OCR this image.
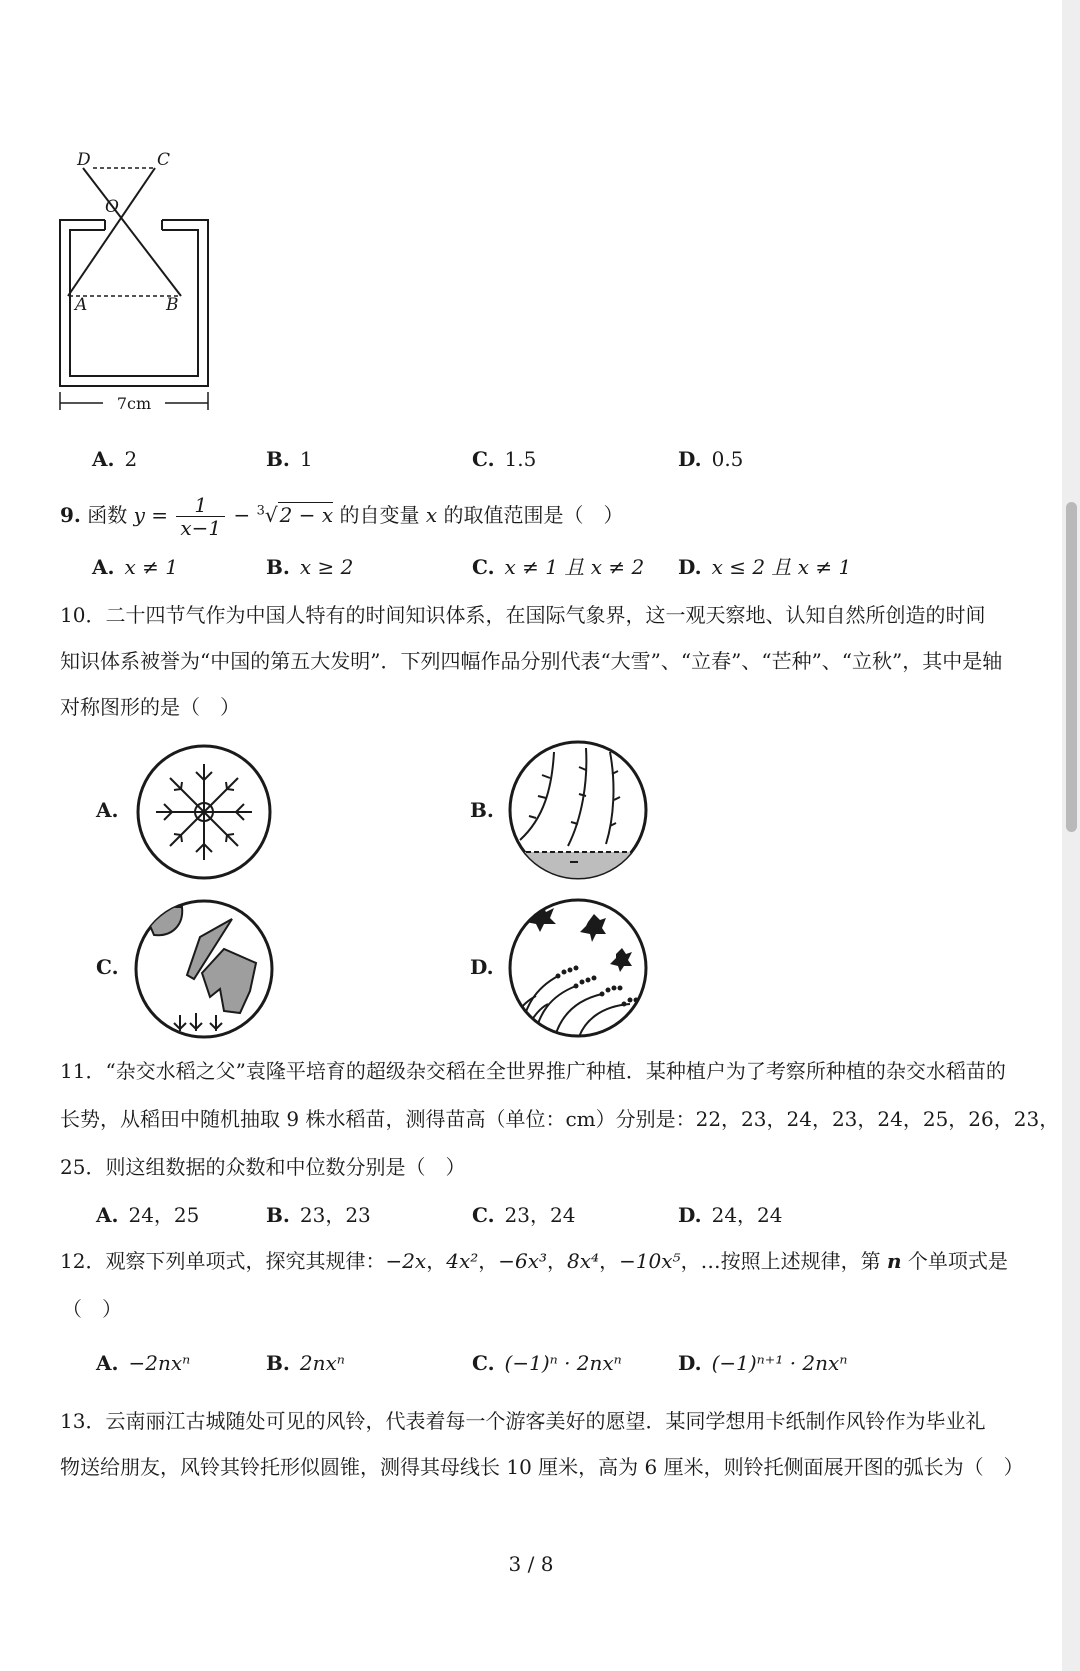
D	C
O
A	B
7cm
A. 2	B. 1	C. 1.5	D. 0.5
9. 函数 $y = \frac{1}{x-1} - ^3√$ 2 − x 的自变量 x 的取值范围是（　）
A. x ≠ 1	B. x ≥ 2	C. x ≠ 1 且 x ≠ 2 D. x ≤ 2 且 x ≠ 1
10．二十四节气作为中国人特有的时间知识体系，在国际气象界，这一观天察地、认知自然所创造的时间
知识体系被誉为“中国的第五大发明”．下列四幅作品分别代表“大雪”、“立春”、“芒种”、“立秋”，其中是轴
对称图形的是（　）
A.	B.
C.	D.
11．“杂交水稻之父”袁隆平培育的超级杂交稻在全世界推广种植．某种植户为了考察所种植的杂交水稻苗的
长势，从稻田中随机抽取 9 株水稻苗，测得苗高（单位：cm）分别是：22，23，24，23，24，25，26，23，
25．则这组数据的众数和中位数分别是（　）
A. 24，25	B. 23，23	C. 23，24	D. 24，24
12．观察下列单项式，探究其规律：−2x，4x²，−6x³，8x⁴，−10x⁵，…按照上述规律，第 n 个单项式是
（　）
A. −2nxⁿ	B. 2nxⁿ	C. (−1)ⁿ · 2nxⁿ	D. (−1)ⁿ⁺¹ · 2nxⁿ
13．云南丽江古城随处可见的风铃，代表着每一个游客美好的愿望．某同学想用卡纸制作风铃作为毕业礼
物送给朋友，风铃其铃托形似圆锥，测得其母线长 10 厘米，高为 6 厘米，则铃托侧面展开图的弧长为（　）
3 / 8
